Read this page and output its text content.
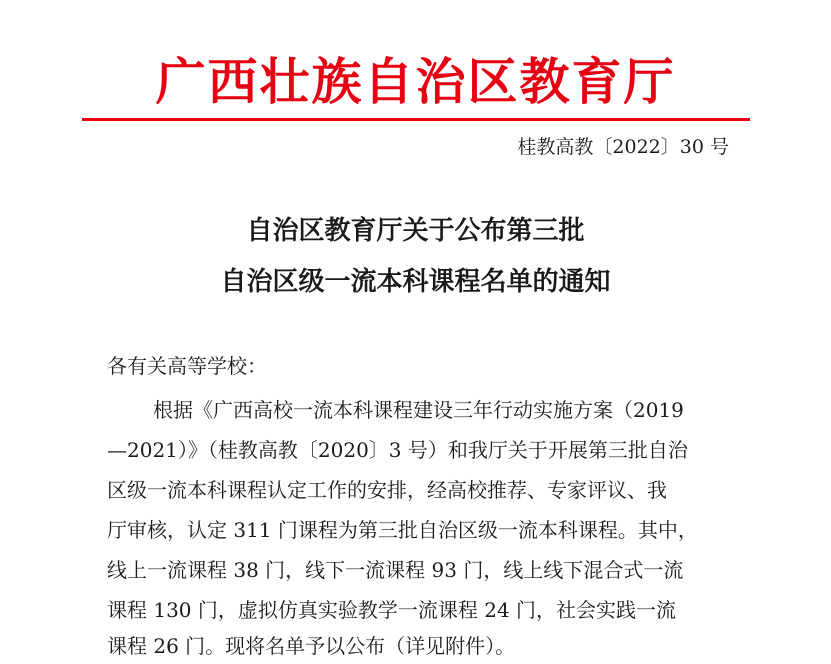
广西壮族自治区教育厅
桂教高教〔2022〕30 号
自治区教育厅关于公布第三批
自治区级一流本科课程名单的通知
各有关高等学校：
根据《广西高校一流本科课程建设三年行动实施方案（2019
—2021）》（桂教高教〔2020〕3 号）和我厅关于开展第三批自治
区级一流本科课程认定工作的安排，经高校推荐、专家评议、我
厅审核，认定 311 门课程为第三批自治区级一流本科课程。其中，
线上一流课程 38 门，线下一流课程 93 门，线上线下混合式一流
课程 130 门，虚拟仿真实验教学一流课程 24 门，社会实践一流
课程 26 门。现将名单予以公布（详见附件）。
